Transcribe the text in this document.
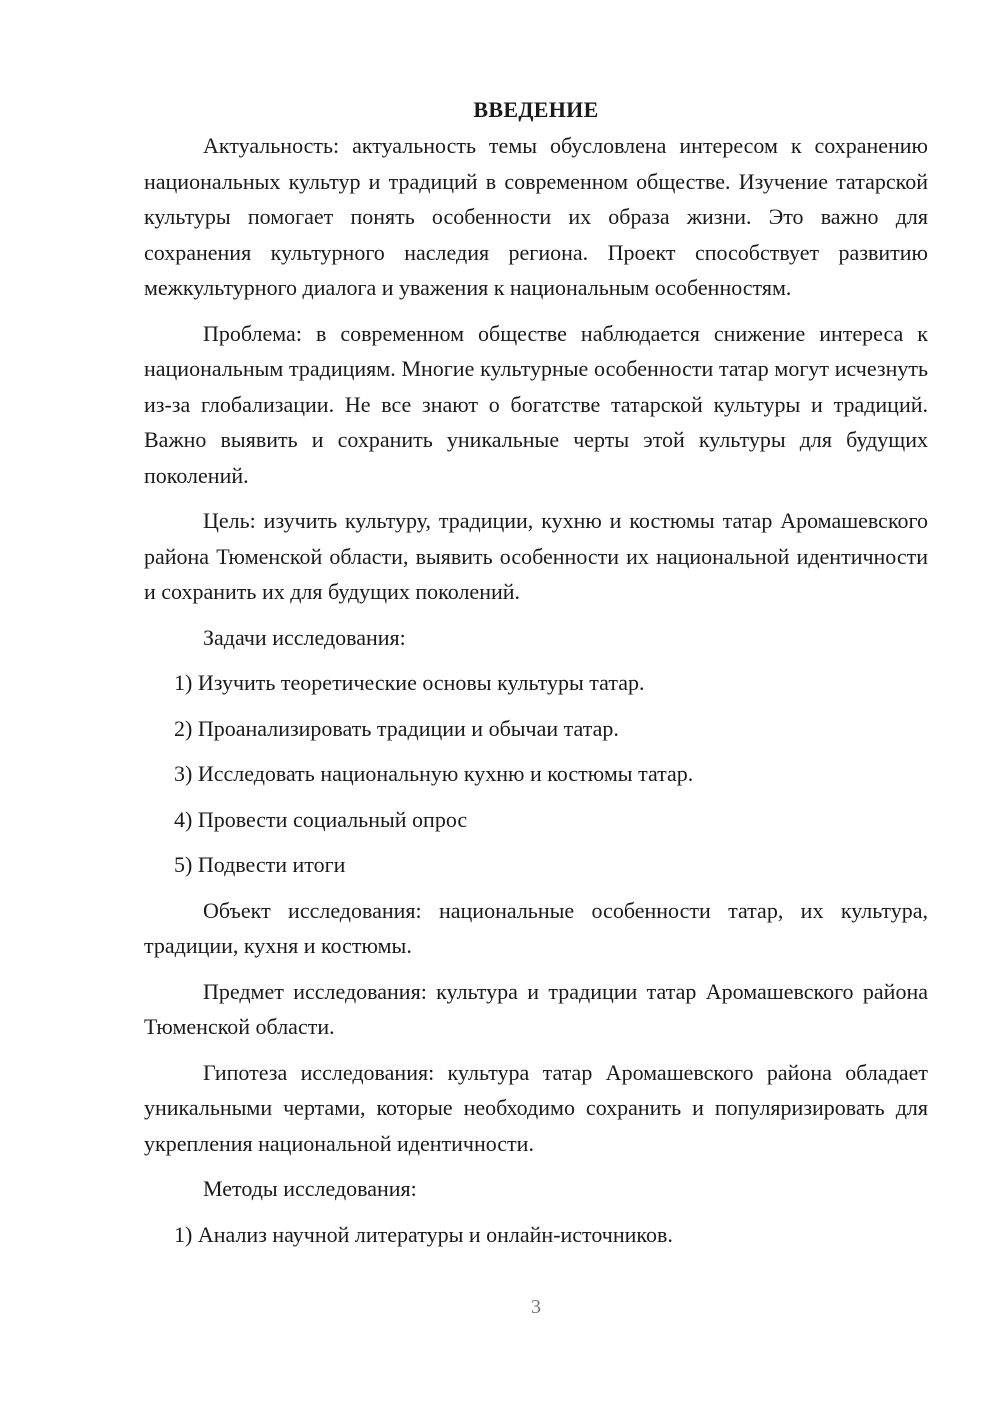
ВВЕДЕНИЕ

Актуальность: актуальность темы обусловлена интересом к сохранению национальных культур и традиций в современном обществе. Изучение татарской культуры помогает понять особенности их образа жизни. Это важно для сохранения культурного наследия региона. Проект способствует развитию межкультурного диалога и уважения к национальным особенностям.

Проблема: в современном обществе наблюдается снижение интереса к национальным традициям. Многие культурные особенности татар могут исчезнуть из-за глобализации. Не все знают о богатстве татарской культуры и традиций. Важно выявить и сохранить уникальные черты этой культуры для будущих поколений.

Цель: изучить культуру, традиции, кухню и костюмы татар Аромашевского района Тюменской области, выявить особенности их национальной идентичности и сохранить их для будущих поколений.

Задачи исследования:

1) Изучить теоретические основы культуры татар.

2) Проанализировать традиции и обычаи татар.

3) Исследовать национальную кухню и костюмы татар.

4) Провести социальный опрос

5) Подвести итоги

Объект исследования: национальные особенности татар, их культура, традиции, кухня и костюмы.

Предмет исследования: культура и традиции татар Аромашевского района Тюменской области.

Гипотеза исследования: культура татар Аромашевского района обладает уникальными чертами, которые необходимо сохранить и популяризировать для укрепления национальной идентичности.

Методы исследования:

1) Анализ научной литературы и онлайн-источников.

3
